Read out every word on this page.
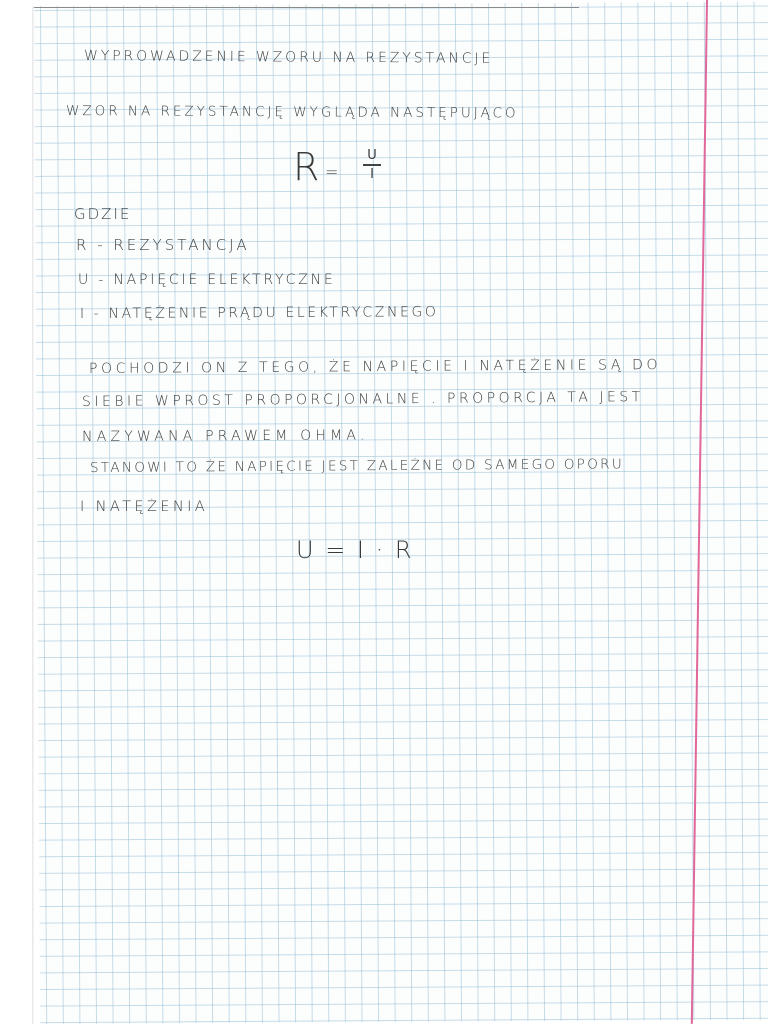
WYPROWADZENIE WZORU NA REZYSTANCJE

WZOR NA REZYSTANCJĘ WYGLĄDA NASTĘPUJĄCO

R =
U
I

GDZIE

R - REZYSTANCJA

U - NAPIĘCIE ELEKTRYCZNE

I - NATĘŻENIE PRĄDU ELEKTRYCZNEGO

POCHODZI ON Z TEGO, ŻE NAPIĘCIE I NATĘŻENIE SĄ DO

SIEBIE WPROST PROPORCJONALNE . PROPORCJA TA JEST

NAZYWANA PRAWEM OHMA.

STANOWI TO ŻE NAPIĘCIE JEST ZALEŻNE OD SAMEGO OPORU

I NATĘŻENIA

U = I · R
